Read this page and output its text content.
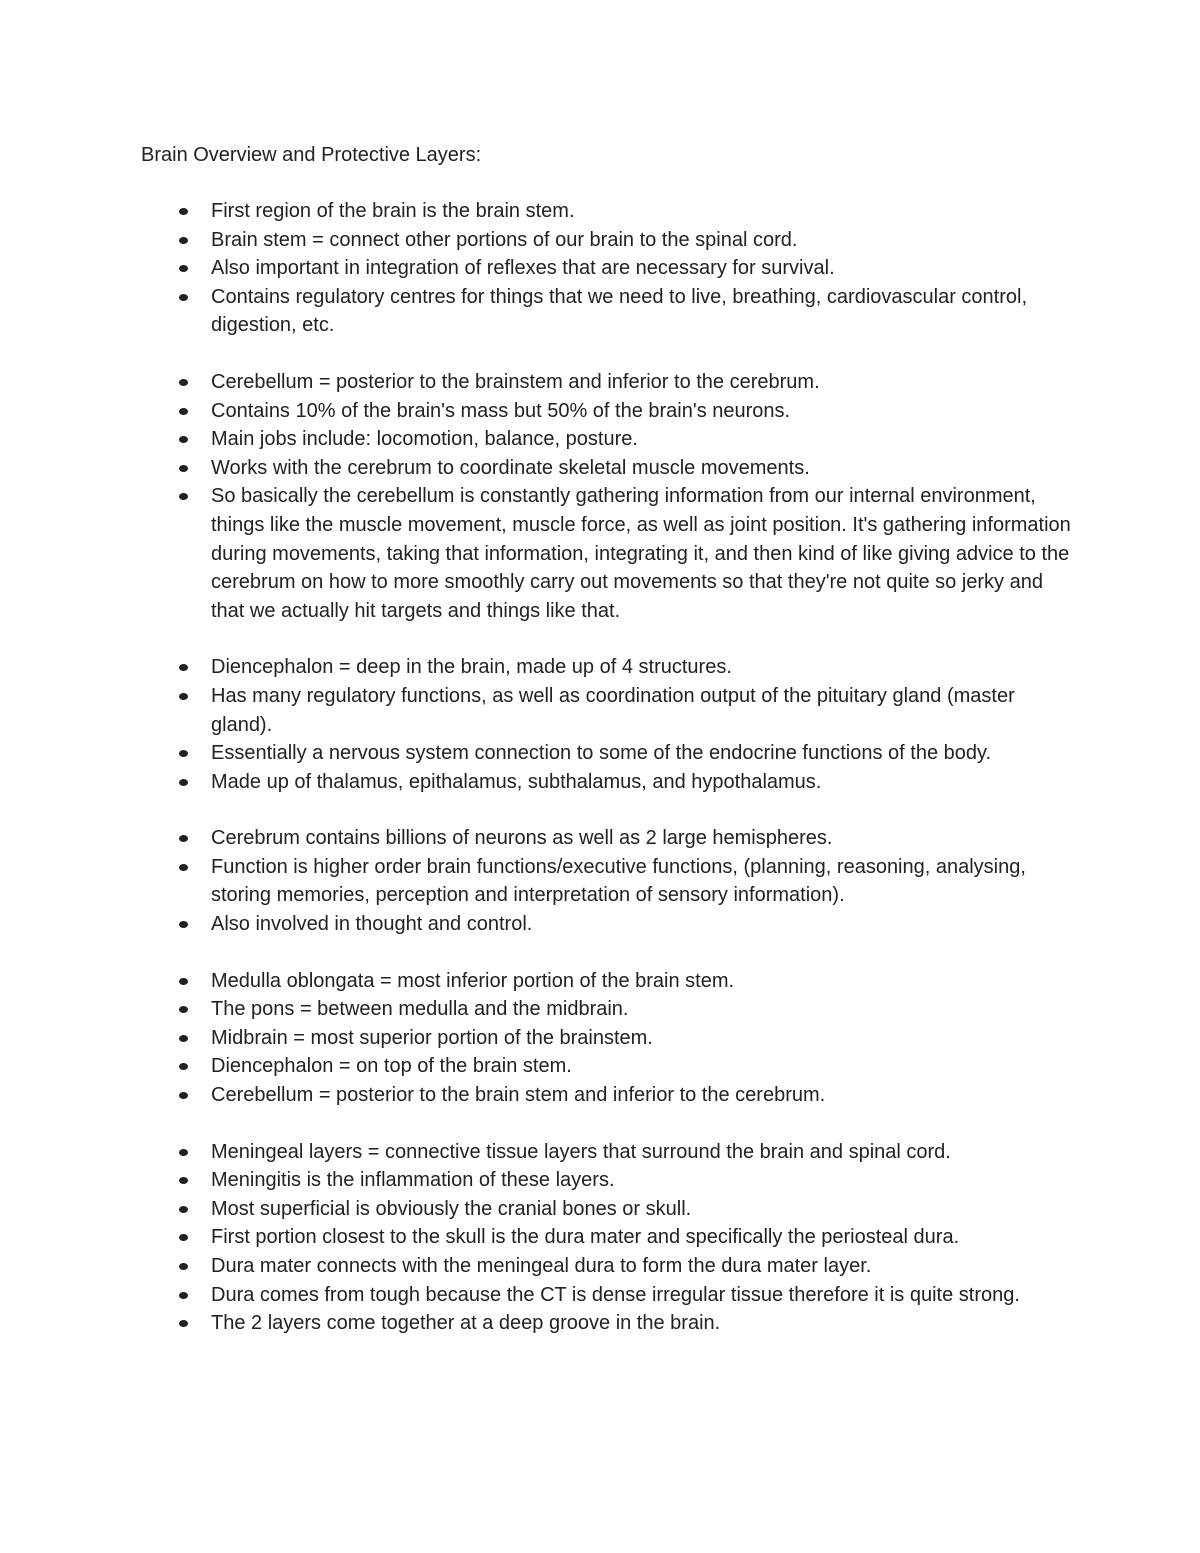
Brain Overview and Protective Layers:
First region of the brain is the brain stem.
Brain stem = connect other portions of our brain to the spinal cord.
Also important in integration of reflexes that are necessary for survival.
Contains regulatory centres for things that we need to live, breathing, cardiovascular control, digestion, etc.
Cerebellum = posterior to the brainstem and inferior to the cerebrum.
Contains 10% of the brain's mass but 50% of the brain's neurons.
Main jobs include: locomotion, balance, posture.
Works with the cerebrum to coordinate skeletal muscle movements.
So basically the cerebellum is constantly gathering information from our internal environment, things like the muscle movement, muscle force, as well as joint position. It's gathering information during movements, taking that information, integrating it, and then kind of like giving advice to the cerebrum on how to more smoothly carry out movements so that they're not quite so jerky and that we actually hit targets and things like that.
Diencephalon = deep in the brain, made up of 4 structures.
Has many regulatory functions, as well as coordination output of the pituitary gland (master gland).
Essentially a nervous system connection to some of the endocrine functions of the body.
Made up of thalamus, epithalamus, subthalamus, and hypothalamus.
Cerebrum contains billions of neurons as well as 2 large hemispheres.
Function is higher order brain functions/executive functions, (planning, reasoning, analysing, storing memories, perception and interpretation of sensory information).
Also involved in thought and control.
Medulla oblongata = most inferior portion of the brain stem.
The pons = between medulla and the midbrain.
Midbrain = most superior portion of the brainstem.
Diencephalon = on top of the brain stem.
Cerebellum = posterior to the brain stem and inferior to the cerebrum.
Meningeal layers = connective tissue layers that surround the brain and spinal cord.
Meningitis is the inflammation of these layers.
Most superficial is obviously the cranial bones or skull.
First portion closest to the skull is the dura mater and specifically the periosteal dura.
Dura mater connects with the meningeal dura to form the dura mater layer.
Dura comes from tough because the CT is dense irregular tissue therefore it is quite strong.
The 2 layers come together at a deep groove in the brain.
